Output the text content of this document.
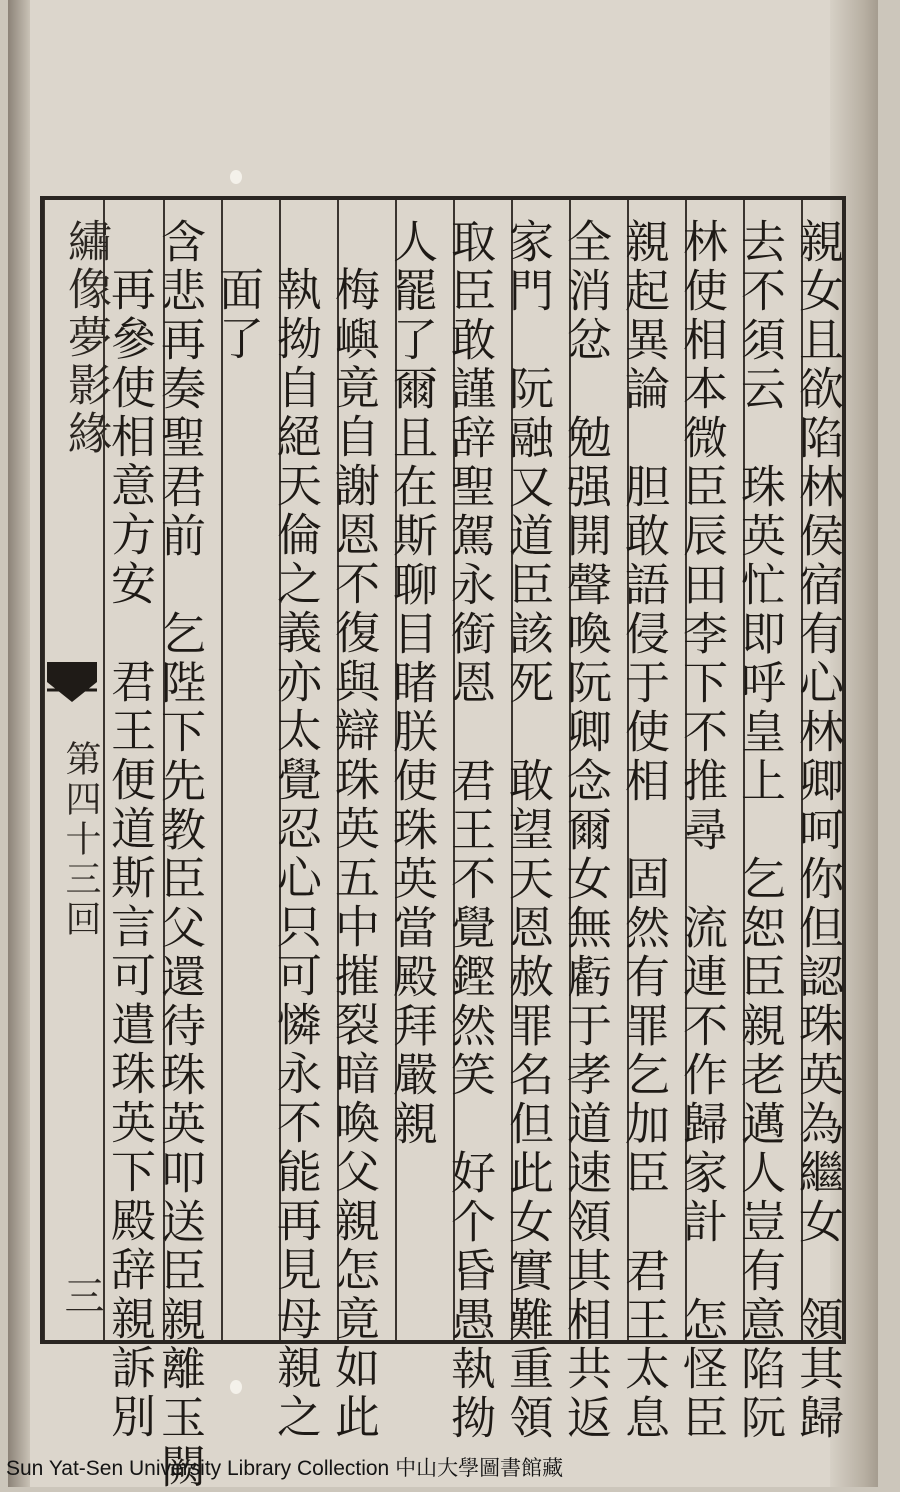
繡像夢影緣
第四十三回
三	親女且欲陷林侯宿有心林卿呵你但認珠英為繼女　領其歸
去不須云　珠英忙即呼皇上　乞恕臣親老邁人豈有意陷阮
林使相本微臣辰田李下不推尋　流連不作歸家計　怎怪臣
親起異論　胆敢語侵于使相　固然有罪乞加臣　君王太息
全消忿　勉强開聲喚阮卿念爾女無虧于孝道速領其相共返
家門　阮融又道臣該死　敢望天恩赦罪名但此女實難重領
取臣敢謹辞聖駕永銜恩　君王不覺鏗然笑　好个昏愚執拗
人罷了爾且在斯聊目睹朕使珠英當殿拜嚴親
梅嶼竟自謝恩不復與辯珠英五中摧裂暗喚父親怎竟如此
執拗自絕天倫之義亦太覺忍心只可憐永不能再見母親之
面了
含悲再奏聖君前　乞陛下先教臣父還待珠英叩送臣親離玉闕
再參使相意方安　君王便道斯言可遣珠英下殿辞親訴別
Sun Yat-Sen University Library Collection 中山大學圖書館藏
